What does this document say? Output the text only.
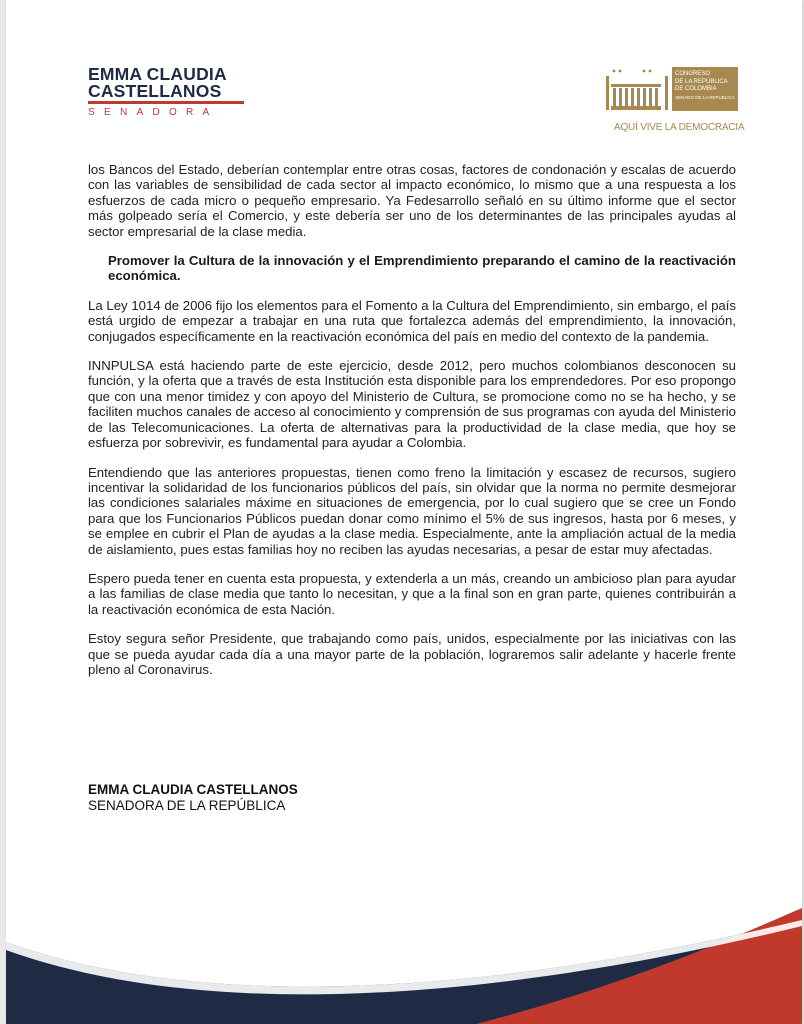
EMMA CLAUDIA
CASTELLANOS
SENADORA
CONGRESO
DE LA REPÚBLICA
DE COLOMBIA
SENADO DE LA REPÚBLICA
AQUÍ VIVE LA DEMOCRACIA

los Bancos del Estado, deberían contemplar entre otras cosas, factores de condonación y escalas de acuerdo con las variables de sensibilidad de cada sector al impacto económico, lo mismo que a una respuesta a los esfuerzos de cada micro o pequeño empresario. Ya Fedesarrollo señaló en su último informe que el sector más golpeado sería el Comercio, y este debería ser uno de los determinantes de las principales ayudas al sector empresarial de la clase media.

Promover la Cultura de la innovación y el Emprendimiento preparando el camino de la reactivación económica.

La Ley 1014 de 2006 fijo los elementos para el Fomento a la Cultura del Emprendimiento, sin embargo, el país está urgido de empezar a trabajar en una ruta que fortalezca además del emprendimiento, la innovación, conjugados específicamente en la reactivación económica del país en medio del contexto de la pandemia.

INNPULSA está haciendo parte de este ejercicio, desde 2012, pero muchos colombianos desconocen su función, y la oferta que a través de esta Institución esta disponible para los emprendedores. Por eso propongo que con una menor timidez y con apoyo del Ministerio de Cultura, se promocione como no se ha hecho, y se faciliten muchos canales de acceso al conocimiento y comprensión de sus programas con ayuda del Ministerio de las Telecomunicaciones. La oferta de alternativas para la productividad de la clase media, que hoy se esfuerza por sobrevivir, es fundamental para ayudar a Colombia.

Entendiendo que las anteriores propuestas, tienen como freno la limitación y escasez de recursos, sugiero incentivar la solidaridad de los funcionarios públicos del país, sin olvidar que la norma no permite desmejorar las condiciones salariales máxime en situaciones de emergencia, por lo cual sugiero que se cree un Fondo para que los Funcionarios Públicos puedan donar como mínimo el 5% de sus ingresos, hasta por 6 meses, y se emplee en cubrir el Plan de ayudas a la clase media. Especialmente, ante la ampliación actual de la media de aislamiento, pues estas familias hoy no reciben las ayudas necesarias, a pesar de estar muy afectadas.

Espero pueda tener en cuenta esta propuesta, y extenderla a un más, creando un ambicioso plan para ayudar a las familias de clase media que tanto lo necesitan, y que a la final son en gran parte, quienes contribuirán a la reactivación económica de esta Nación.

Estoy segura señor Presidente, que trabajando como país, unidos, especialmente por las iniciativas con las que se pueda ayudar cada día a una mayor parte de la población, lograremos salir adelante y hacerle frente pleno al Coronavirus.

EMMA CLAUDIA CASTELLANOS
SENADORA DE LA REPÚBLICA
